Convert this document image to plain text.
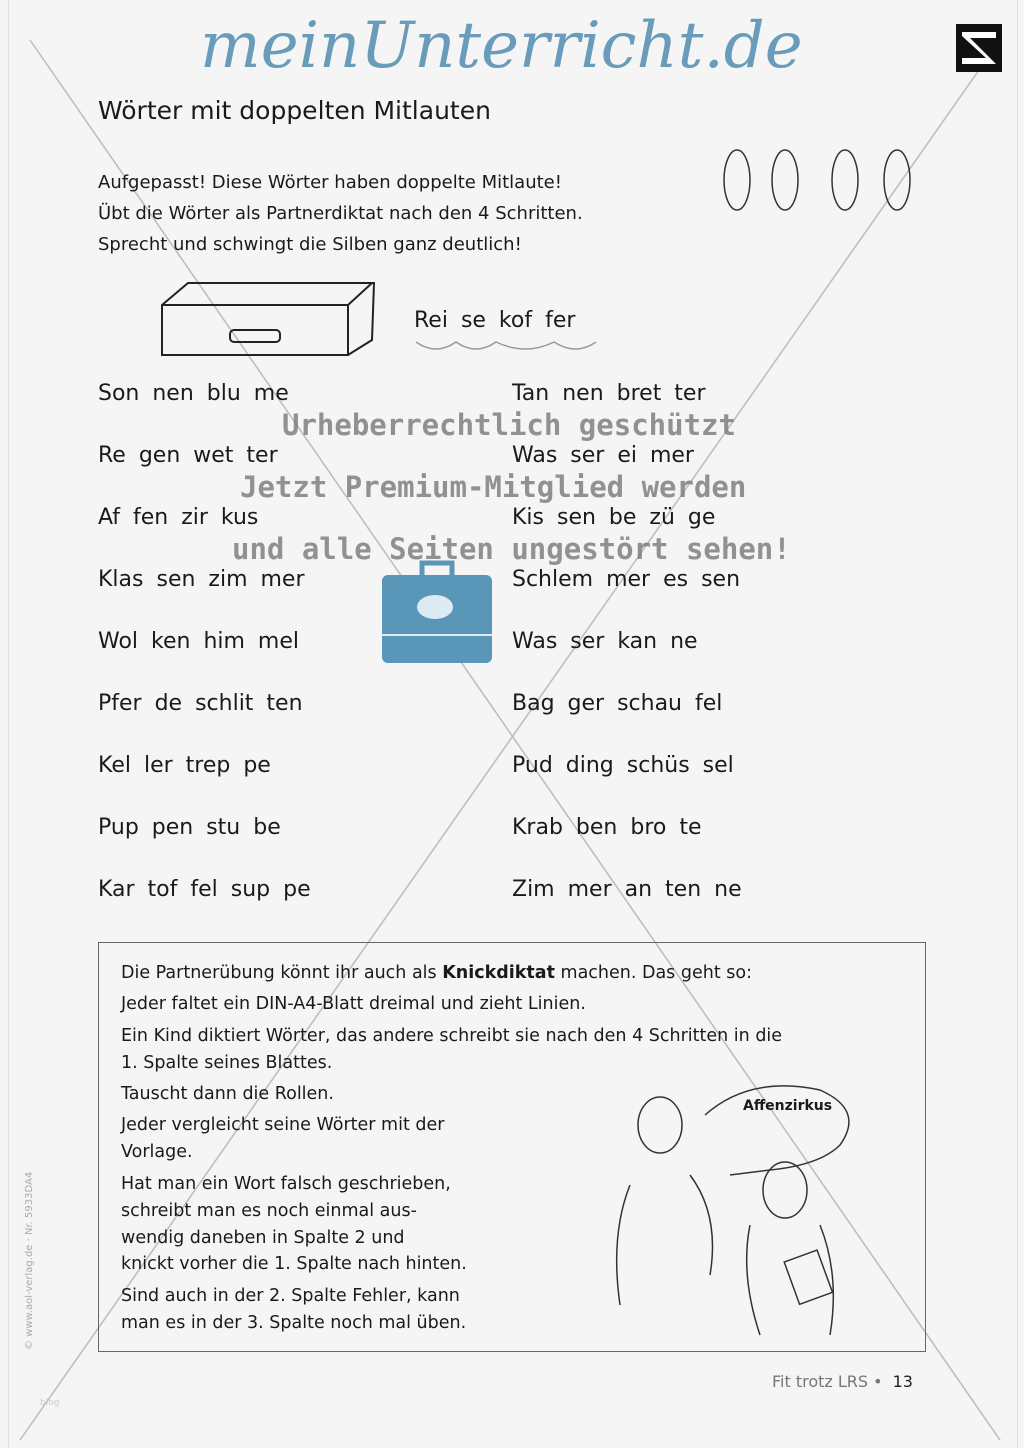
meinUnterricht.de
Wörter mit doppelten Mitlauten
Aufgepasst! Diese Wörter haben doppelte Mitlaute!
Übt die Wörter als Partnerdiktat nach den 4 Schritten.
Sprecht und schwingt die Silben ganz deutlich!
Rei se kof fer
Son nen blu me	Tan nen bret ter
Re gen wet ter	Was ser ei mer
Af fen zir kus	Kis sen be zü ge
Klas sen zim mer	Schlem mer es sen
Wol ken him mel	Was ser kan ne
Pfer de schlit ten	Bag ger schau fel
Kel ler trep pe	Pud ding schüs sel
Pup pen stu be	Krab ben bro te
Kar tof fel sup pe	Zim mer an ten ne
Urheberrechtlich geschützt
Jetzt Premium-Mitglied werden
und alle Seiten ungestört sehen!
Die Partnerübung könnt ihr auch als Knickdiktat machen. Das geht so:
Jeder faltet ein DIN-A4-Blatt dreimal und zieht Linien.
Ein Kind diktiert Wörter, das andere schreibt sie nach den 4 Schritten in die
1. Spalte seines Blattes.
Tauscht dann die Rollen.
Jeder vergleicht seine Wörter mit der
Vorlage.
Hat man ein Wort falsch geschrieben,
schreibt man es noch einmal aus-
wendig daneben in Spalte 2 und
knickt vorher die 1. Spalte nach hinten.
Sind auch in der 2. Spalte Fehler, kann
man es in der 3. Spalte noch mal üben.
Affenzirkus
Fit trotz LRS • 13
© www.aol-verlag.de · Nr. 5933DA4
blog
